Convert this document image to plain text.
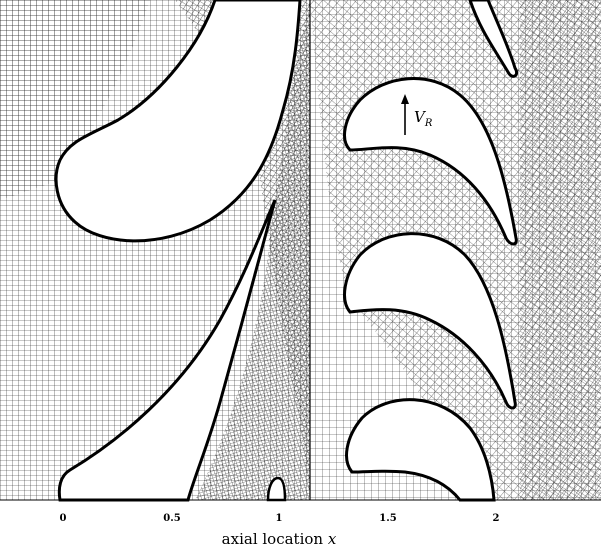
$V_R$
0	0.5	1	1.5	2
axial location x
